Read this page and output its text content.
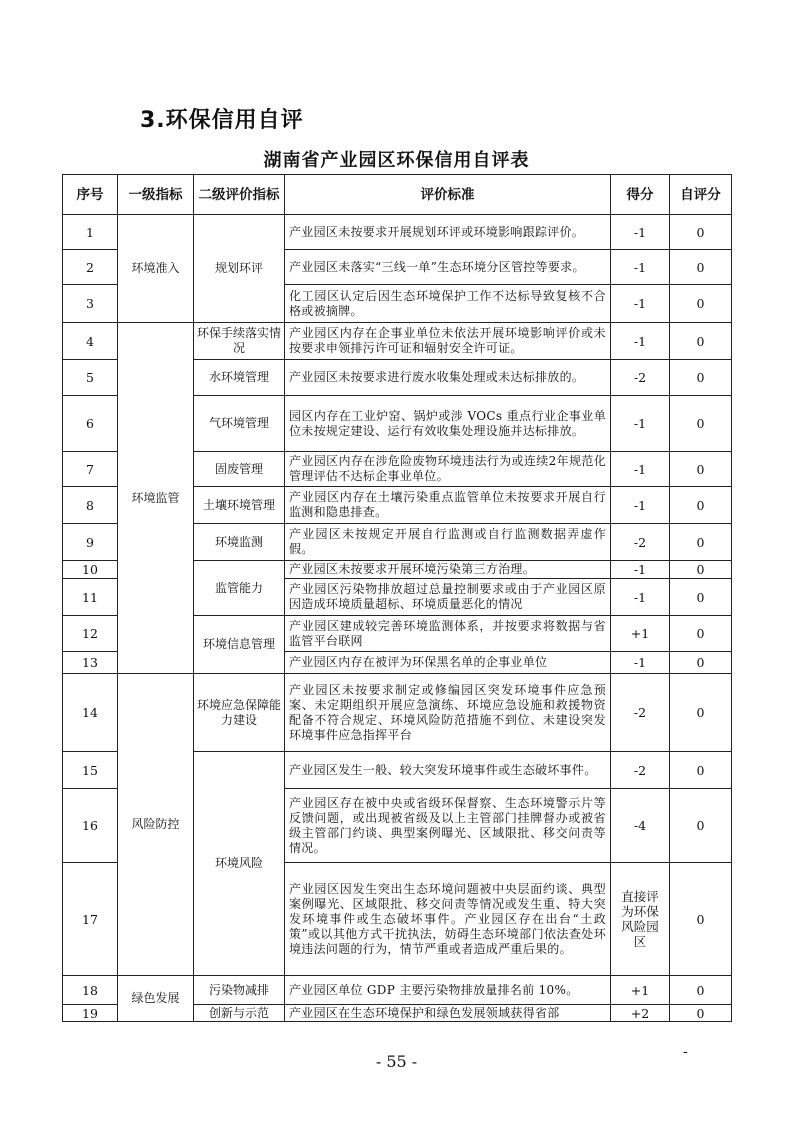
3.环保信用自评
湖南省产业园区环保信用自评表
序号	一级指标	二级评价指标	评价标准	得分	自评分
1	环境准入	规划环评	产业园区未按要求开展规划环评或环境影响跟踪评价。	-1	0
2			产业园区未落实“三线一单”生态环境分区管控等要求。	-1	0
3			化工园区认定后因生态环境保护工作不达标导致复核不合格或被摘牌。	-1	0
4	环境监管	环保手续落实情况	产业园区内存在企事业单位未依法开展环境影响评价或未按要求申领排污许可证和辐射安全许可证。	-1	0
5		水环境管理	产业园区未按要求进行废水收集处理或未达标排放的。	-2	0
6		气环境管理	园区内存在工业炉窑、锅炉或涉 VOCs 重点行业企事业单位未按规定建设、运行有效收集处理设施并达标排放。	-1	0
7		固废管理	产业园区内存在涉危险废物环境违法行为或连续2年规范化管理评估不达标企事业单位。	-1	0
8		土壤环境管理	产业园区内存在土壤污染重点监管单位未按要求开展自行监测和隐患排查。	-1	0
9		环境监测	产业园区未按规定开展自行监测或自行监测数据弄虚作假。	-2	0
10		监管能力	产业园区未按要求开展环境污染第三方治理。	-1	0
11			产业园区污染物排放超过总量控制要求或由于产业园区原因造成环境质量超标、环境质量恶化的情况	-1	0
12		环境信息管理	产业园区建成较完善环境监测体系，并按要求将数据与省监管平台联网	+1	0
13			产业园区内存在被评为环保黑名单的企事业单位	-1	0
14	风险防控	环境应急保障能力建设	产业园区未按要求制定或修编园区突发环境事件应急预案、未定期组织开展应急演练、环境应急设施和救援物资配备不符合规定、环境风险防范措施不到位、未建设突发环境事件应急指挥平台	-2	0
15		环境风险	产业园区发生一般、较大突发环境事件或生态破坏事件。	-2	0
16			产业园区存在被中央或省级环保督察、生态环境警示片等反馈问题，或出现被省级及以上主管部门挂牌督办或被省级主管部门约谈、典型案例曝光、区域限批、移交问责等情况。	-4	0
17			产业园区因发生突出生态环境问题被中央层面约谈、典型案例曝光、区域限批、移交问责等情况或发生重、特大突发环境事件或生态破坏事件。产业园区存在出台“土政策”或以其他方式干扰执法，妨碍生态环境部门依法查处环境违法问题的行为，情节严重或者造成严重后果的。	直接评为环保风险园区	0
18	绿色发展	污染物减排	产业园区单位 GDP 主要污染物排放量排名前 10%。	+1	0
19		创新与示范	产业园区在生态环境保护和绿色发展领域获得省部	+2	0
- 55 -	-
